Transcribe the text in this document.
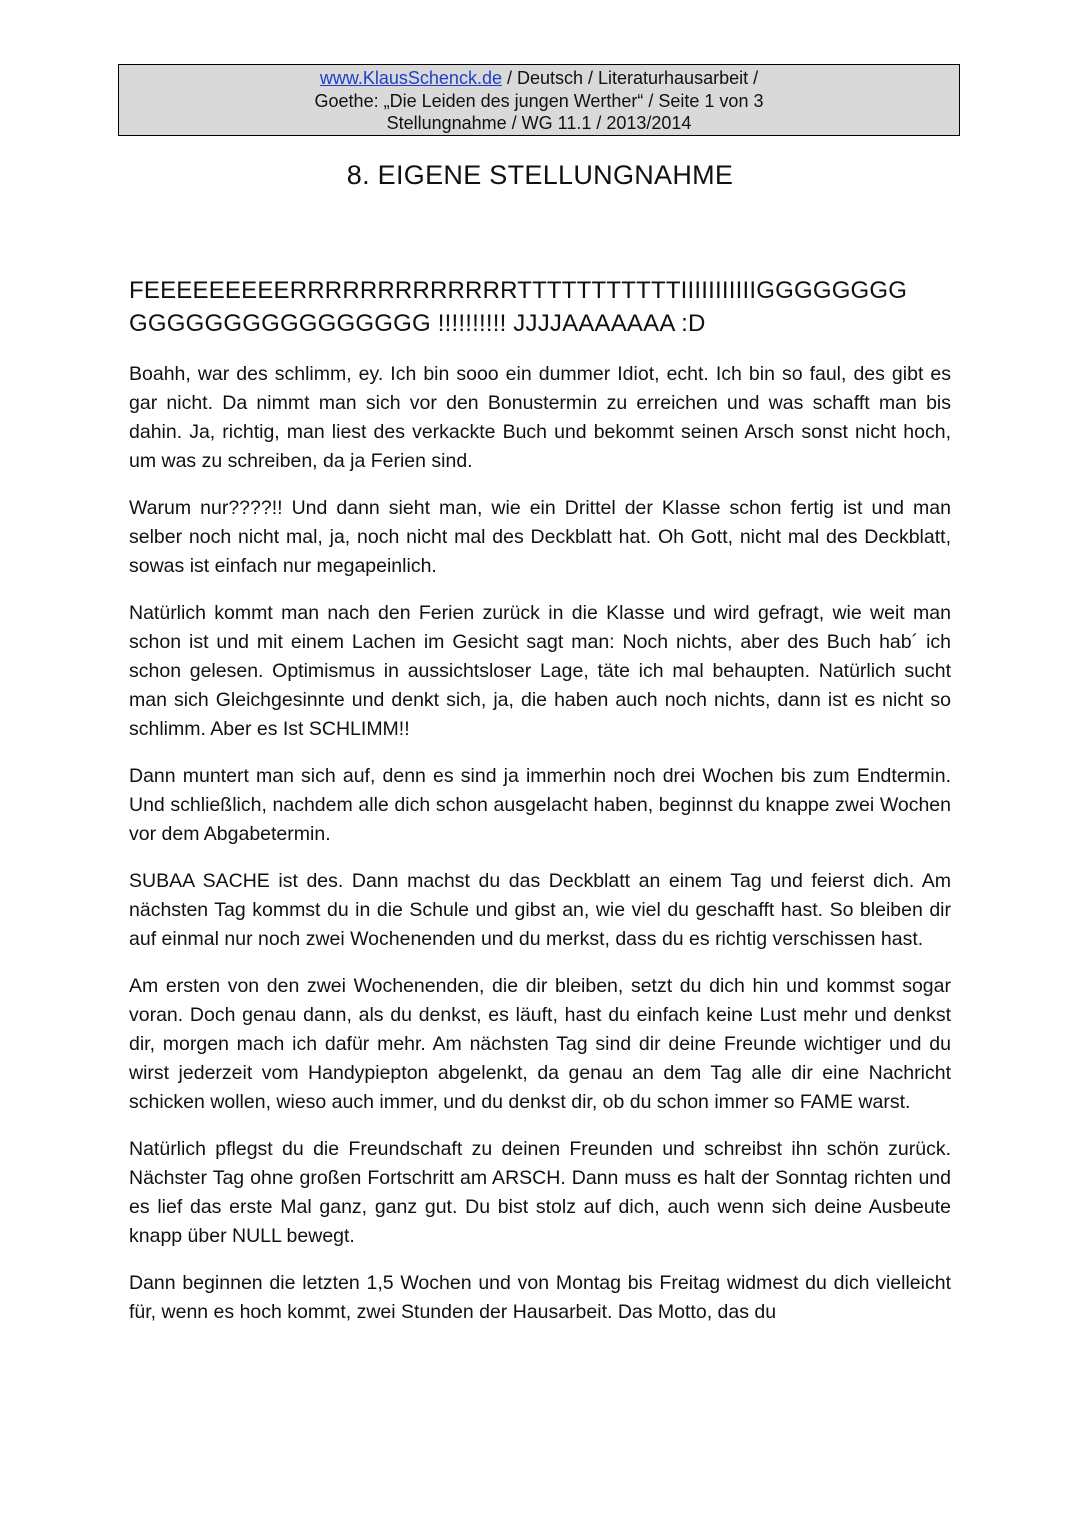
www.KlausSchenck.de / Deutsch / Literaturhausarbeit /
Goethe: „Die Leiden des jungen Werther“ / Seite 1 von 3
Stellungnahme / WG 11.1 / 2013/2014
8. EIGENE STELLUNGNAHME
FEEEEEEEEERRRRRRRRRRRRRTTTTTTTTTTTIIIIIIIIIIIGGGGGGGG
GGGGGGGGGGGGGGGG !!!!!!!!!! JJJJAAAAAAA :D

Boahh, war des schlimm, ey. Ich bin sooo ein dummer Idiot, echt. Ich bin so faul, des gibt es gar nicht. Da nimmt man sich vor den Bonustermin zu erreichen und was schafft man bis dahin. Ja, richtig, man liest des verkackte Buch und bekommt seinen Arsch sonst nicht hoch, um was zu schreiben, da ja Ferien sind.

Warum nur????!! Und dann sieht man, wie ein Drittel der Klasse schon fertig ist und man selber noch nicht mal, ja, noch nicht mal des Deckblatt hat. Oh Gott, nicht mal des Deckblatt, sowas ist einfach nur megapeinlich.

Natürlich kommt man nach den Ferien zurück in die Klasse und wird gefragt, wie weit man schon ist und mit einem Lachen im Gesicht sagt man: Noch nichts, aber des Buch hab´ ich schon gelesen. Optimismus in aussichtsloser Lage, täte ich mal behaupten. Natürlich sucht man sich Gleichgesinnte und denkt sich, ja, die haben auch noch nichts, dann ist es nicht so schlimm. Aber es Ist SCHLIMM!!

Dann muntert man sich auf, denn es sind ja immerhin noch drei Wochen bis zum Endtermin. Und schließlich, nachdem alle dich schon ausgelacht haben, beginnst du knappe zwei Wochen vor dem Abgabetermin.

SUBAA SACHE ist des. Dann machst du das Deckblatt an einem Tag und feierst dich. Am nächsten Tag kommst du in die Schule und gibst an, wie viel du geschafft hast. So bleiben dir auf einmal nur noch zwei Wochenenden und du merkst, dass du es richtig verschissen hast.

Am ersten von den zwei Wochenenden, die dir bleiben, setzt du dich hin und kommst sogar voran. Doch genau dann, als du denkst, es läuft, hast du einfach keine Lust mehr und denkst dir, morgen mach ich dafür mehr. Am nächsten Tag sind dir deine Freunde wichtiger und du wirst jederzeit vom Handypiepton abgelenkt, da genau an dem Tag alle dir eine Nachricht schicken wollen, wieso auch immer, und du denkst dir, ob du schon immer so FAME warst.

Natürlich pflegst du die Freundschaft zu deinen Freunden und schreibst ihn schön zurück. Nächster Tag ohne großen Fortschritt am ARSCH. Dann muss es halt der Sonntag richten und es lief das erste Mal ganz, ganz gut. Du bist stolz auf dich, auch wenn sich deine Ausbeute knapp über NULL bewegt.

Dann beginnen die letzten 1,5 Wochen und von Montag bis Freitag widmest du dich vielleicht für, wenn es hoch kommt, zwei Stunden der Hausarbeit. Das Motto, das du
